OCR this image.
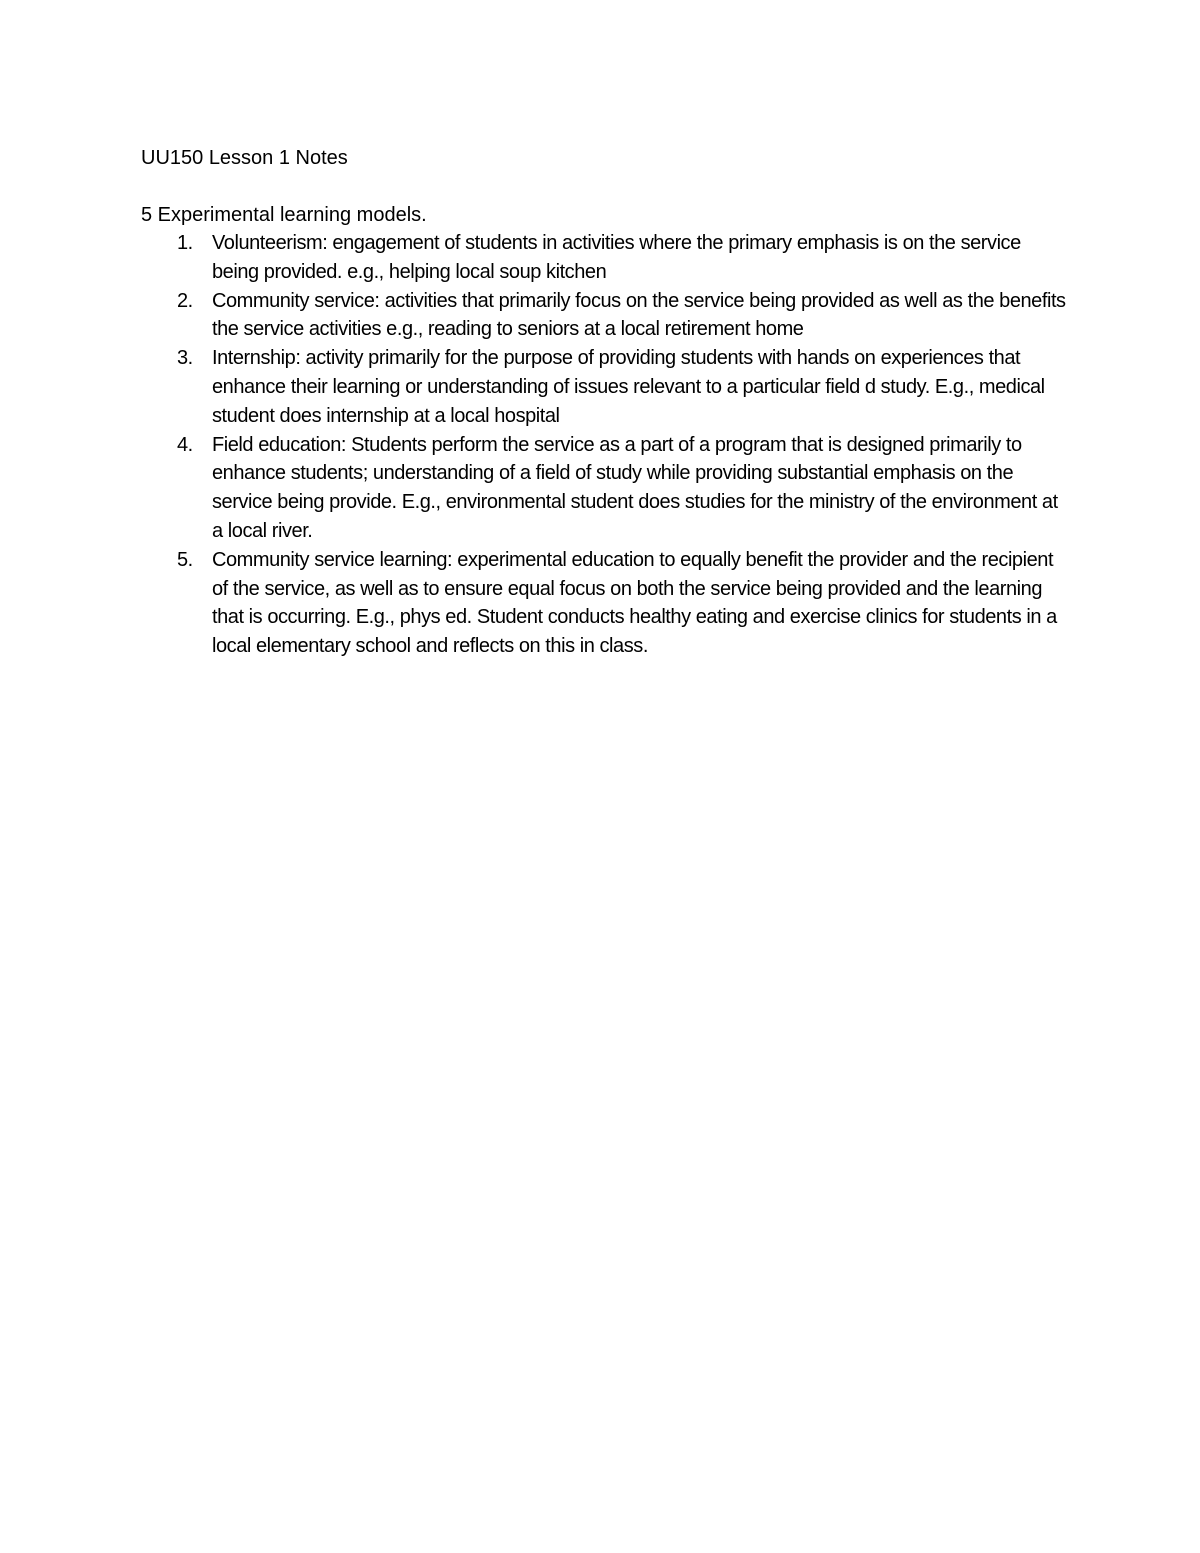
UU150 Lesson 1 Notes

5 Experimental learning models.

1. Volunteerism: engagement of students in activities where the primary emphasis is on the service being provided. e.g., helping local soup kitchen
2. Community service: activities that primarily focus on the service being provided as well as the benefits the service activities e.g., reading to seniors at a local retirement home
3. Internship: activity primarily for the purpose of providing students with hands on experiences that enhance their learning or understanding of issues relevant to a particular field d study. E.g., medical student does internship at a local hospital
4. Field education: Students perform the service as a part of a program that is designed primarily to enhance students; understanding of a field of study while providing substantial emphasis on the service being provide. E.g., environmental student does studies for the ministry of the environment at a local river.
5. Community service learning: experimental education to equally benefit the provider and the recipient of the service, as well as to ensure equal focus on both the service being provided and the learning that is occurring. E.g., phys ed. Student conducts healthy eating and exercise clinics for students in a local elementary school and reflects on this in class.
